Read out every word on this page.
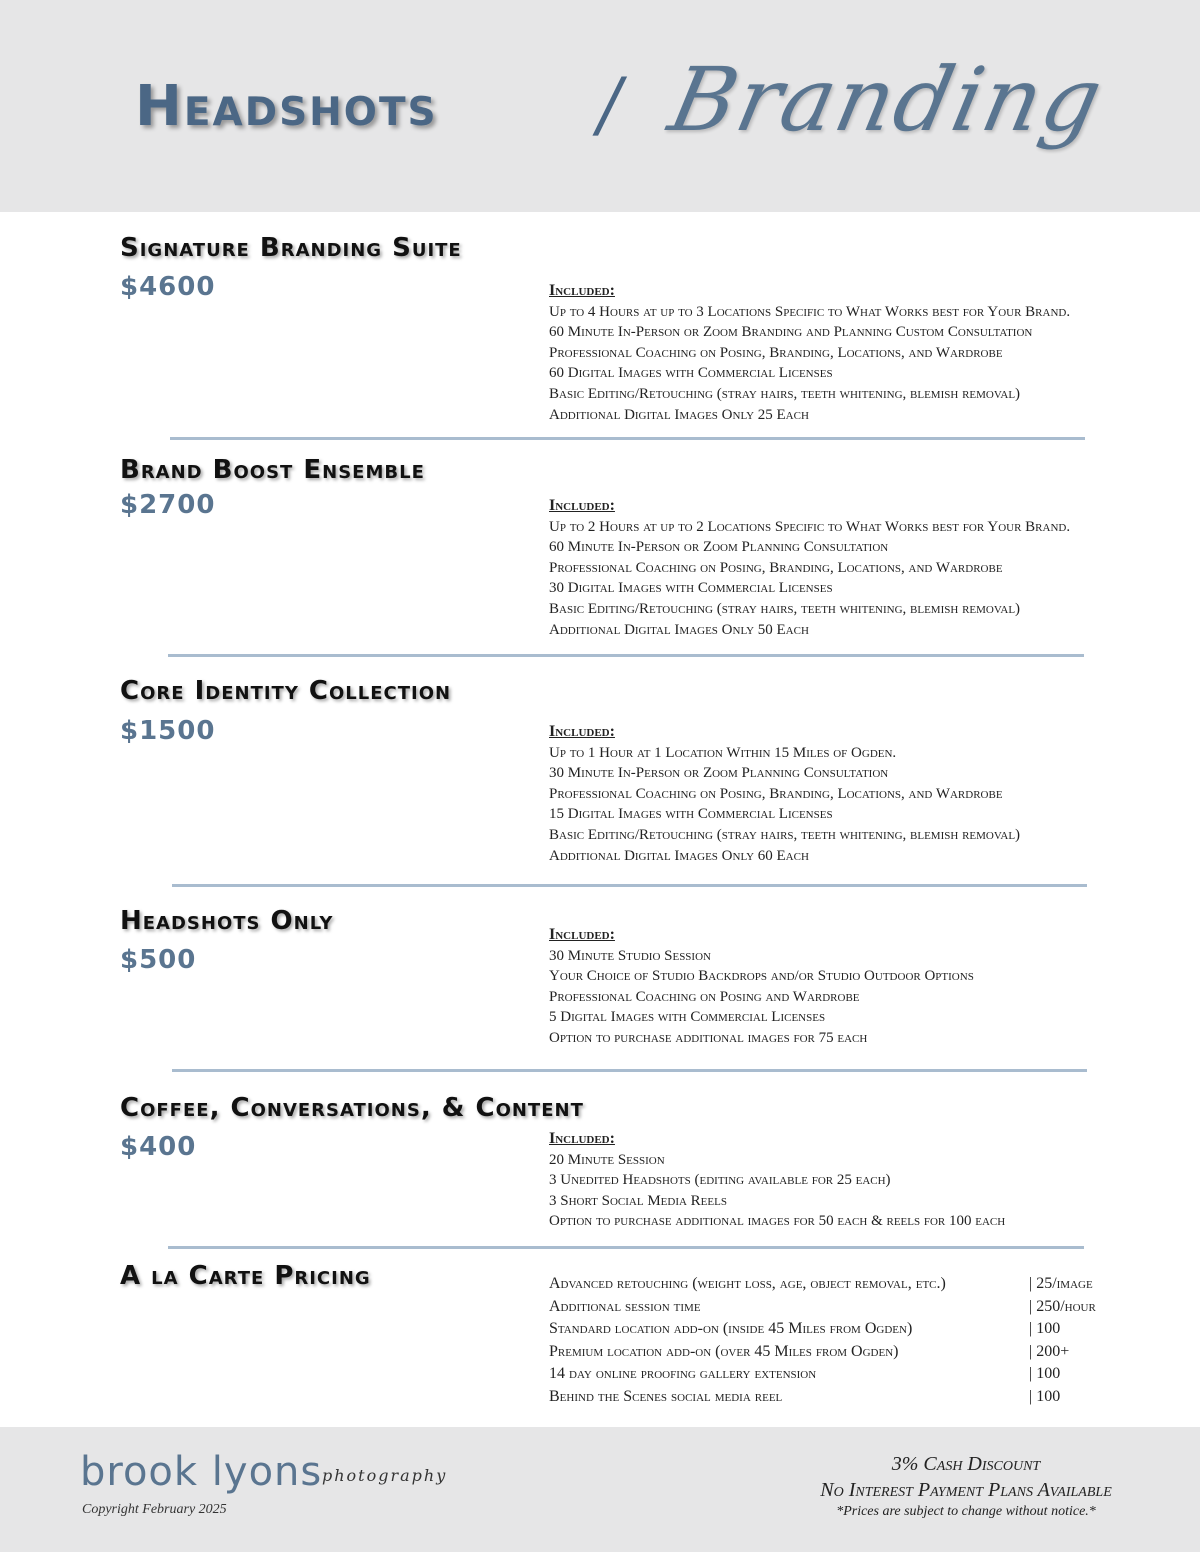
Headshots / Branding
Signature Branding Suite
$4600	Included:
Up to 4 Hours at up to 3 Locations Specific to What Works best for Your Brand.
60 Minute In-Person or Zoom Branding and Planning Custom Consultation
Professional Coaching on Posing, Branding, Locations, and Wardrobe
60 Digital Images with Commercial Licenses
Basic Editing/Retouching (stray hairs, teeth whitening, blemish removal)
Additional Digital Images Only 25 Each
Brand Boost Ensemble
$2700	Included:
Up to 2 Hours at up to 2 Locations Specific to What Works best for Your Brand.
60 Minute In-Person or Zoom Planning Consultation
Professional Coaching on Posing, Branding, Locations, and Wardrobe
30 Digital Images with Commercial Licenses
Basic Editing/Retouching (stray hairs, teeth whitening, blemish removal)
Additional Digital Images Only 50 Each
Core Identity Collection
$1500	Included:
Up to 1 Hour at 1 Location Within 15 Miles of Ogden.
30 Minute In-Person or Zoom Planning Consultation
Professional Coaching on Posing, Branding, Locations, and Wardrobe
15 Digital Images with Commercial Licenses
Basic Editing/Retouching (stray hairs, teeth whitening, blemish removal)
Additional Digital Images Only 60 Each
Headshots Only
$500
Included:
30 Minute Studio Session
Your Choice of Studio Backdrops and/or Studio Outdoor Options
Professional Coaching on Posing and Wardrobe
5 Digital Images with Commercial Licenses
Option to purchase additional images for 75 each
Coffee, Conversations, & Content
$400	Included:
20 Minute Session
3 Unedited Headshots (editing available for 25 each)
3 Short Social Media Reels
Option to purchase additional images for 50 each & reels for 100 each
A la Carte Pricing	Advanced retouching (weight loss, age, object removal, etc.)	| 25/image
Additional session time	| 250/hour
Standard location add-on (inside 45 Miles from Ogden)	| 100
Premium location add-on (over 45 Miles from Ogden)	| 200+
14 day online proofing gallery extension	| 100
Behind the Scenes social media reel	| 100
brook lyons photography
Copyright February 2025
3% Cash Discount
No Interest Payment Plans Available
*Prices are subject to change without notice.*
